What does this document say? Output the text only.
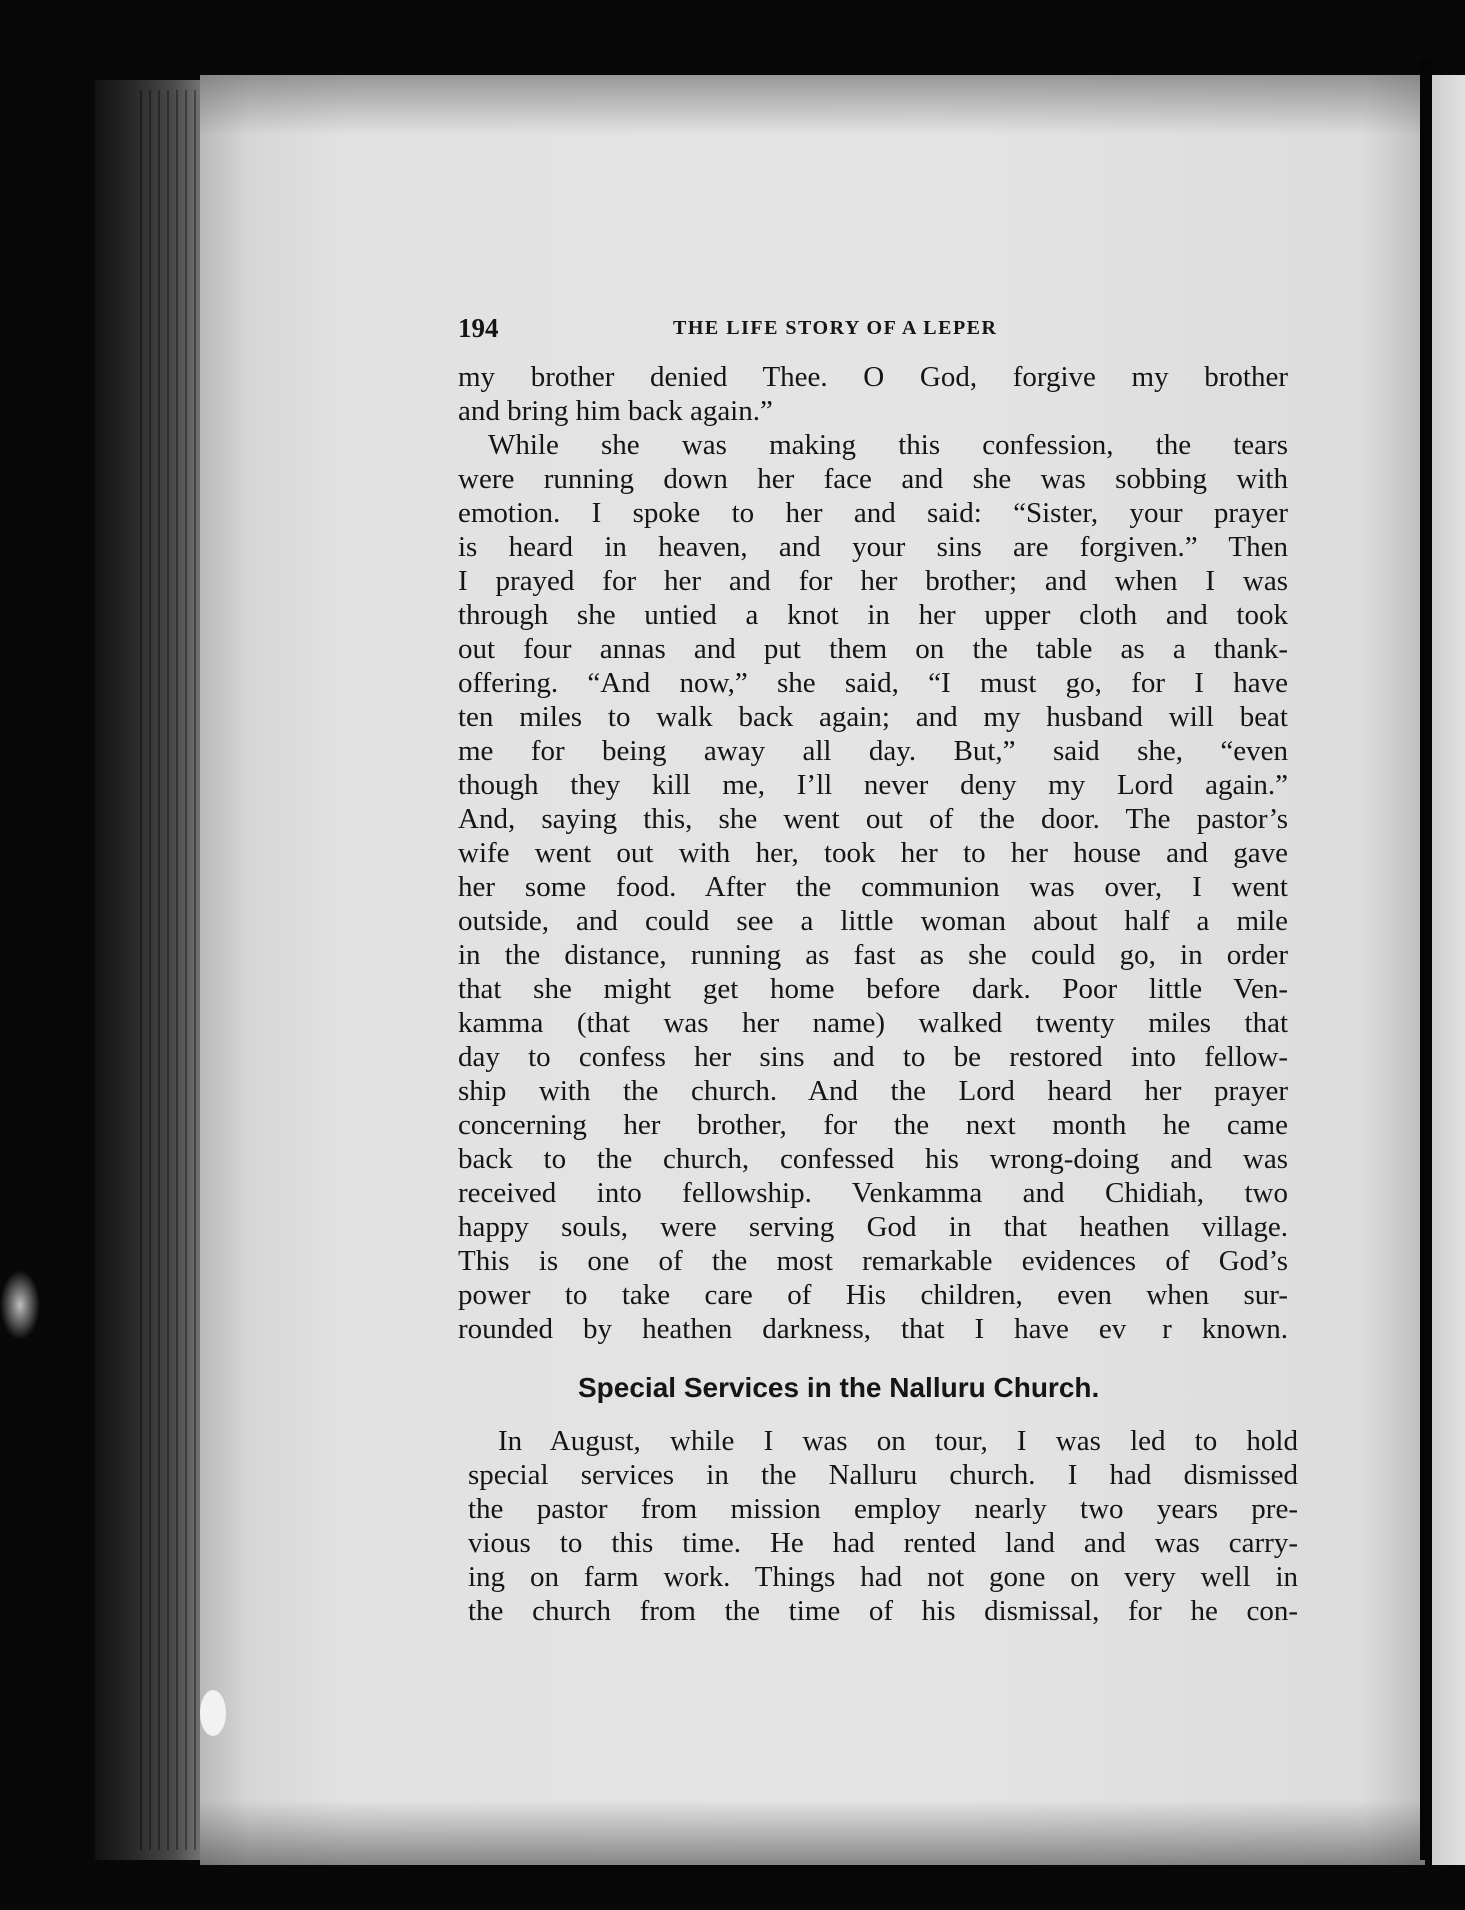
194	THE LIFE STORY OF A LEPER
my brother denied Thee. O God, forgive my brother
and bring him back again.”
While she was making this confession, the tears
were running down her face and she was sobbing with
emotion. I spoke to her and said: “Sister, your prayer
is heard in heaven, and your sins are forgiven.” Then
I prayed for her and for her brother; and when I was
through she untied a knot in her upper cloth and took
out four annas and put them on the table as a thank-
offering. “And now,” she said, “I must go, for I have
ten miles to walk back again; and my husband will beat
me for being away all day. But,” said she, “even
though they kill me, I’ll never deny my Lord again.”
And, saying this, she went out of the door. The pastor’s
wife went out with her, took her to her house and gave
her some food. After the communion was over, I went
outside, and could see a little woman about half a mile
in the distance, running as fast as she could go, in order
that she might get home before dark. Poor little Ven-
kamma (that was her name) walked twenty miles that
day to confess her sins and to be restored into fellow-
ship with the church. And the Lord heard her prayer
concerning her brother, for the next month he came
back to the church, confessed his wrong-doing and was
received into fellowship. Venkamma and Chidiah, two
happy souls, were serving God in that heathen village.
This is one of the most remarkable evidences of God’s
power to take care of His children, even when sur-
rounded by heathen darkness, that I have ev  r known.
In August, while I was on tour, I was led to hold
special services in the Nalluru church. I had dismissed
the pastor from mission employ nearly two years pre-
vious to this time. He had rented land and was carry-
ing on farm work. Things had not gone on very well in
the church from the time of his dismissal, for he con-
Special Services in the Nalluru Church.
